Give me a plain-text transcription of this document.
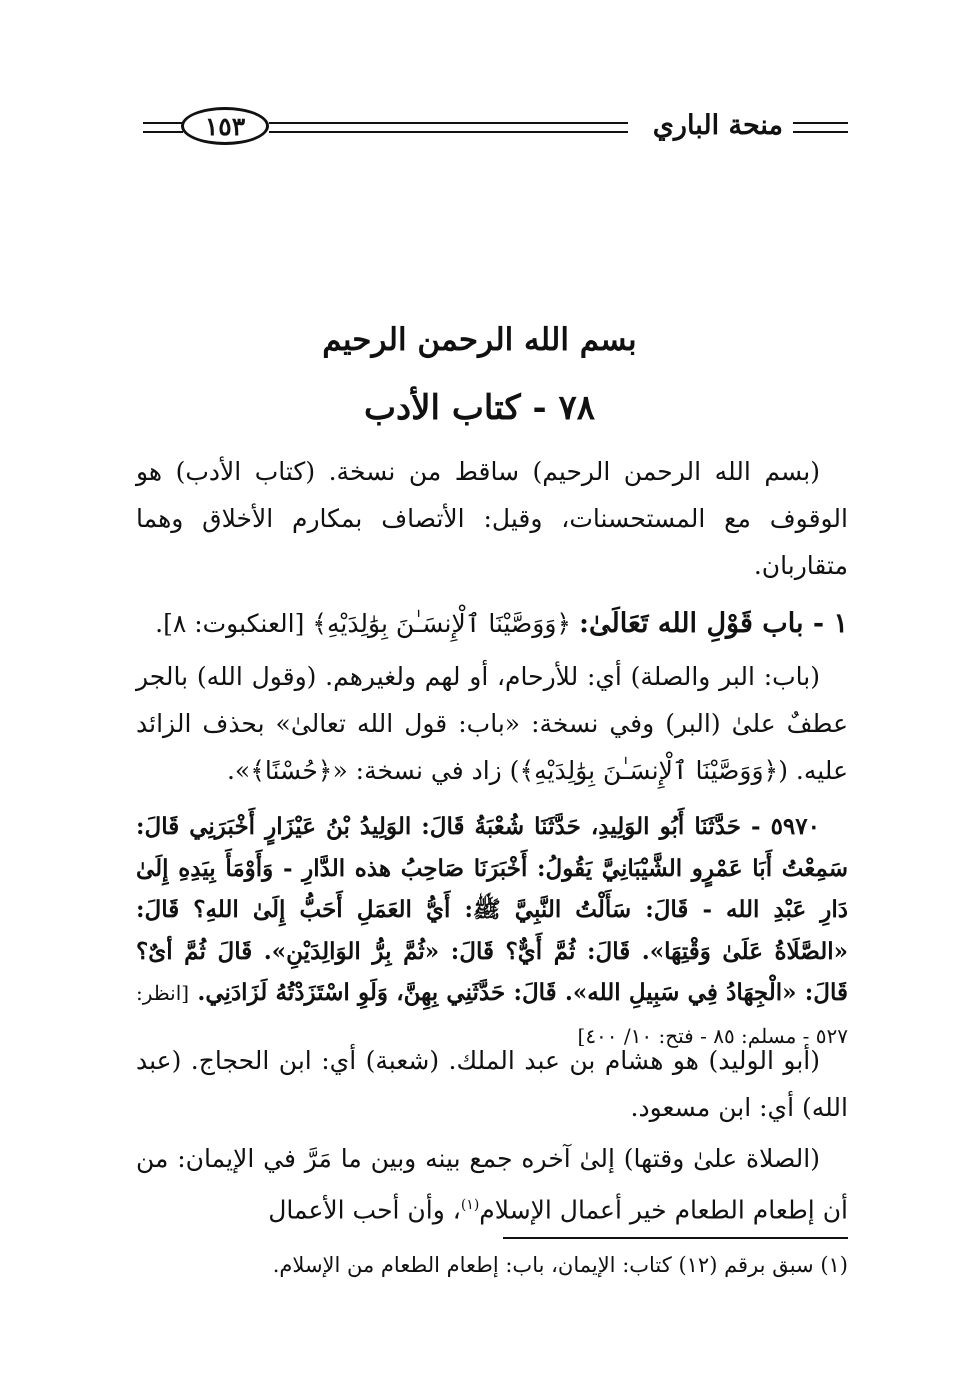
منحة الباري
١٥٣
بسم الله الرحمن الرحيم
٧٨ - كتاب الأدب

(بسم الله الرحمن الرحيم) ساقط من نسخة. (كتاب الأدب) هو الوقوف مع المستحسنات، وقيل: الأتصاف بمكارم الأخلاق وهما متقاربان.

١ - باب قَوْلِ الله تَعَالَىٰ: ﴿وَوَصَّيْنَا ٱلْإِنسَـٰنَ بِوَٰلِدَيْهِ﴾ [العنكبوت: ٨].

(باب: البر والصلة) أي: للأرحام، أو لهم ولغيرهم. (وقول الله) بالجر عطفٌ علىٰ (البر) وفي نسخة: «باب: قول الله تعالىٰ» بحذف الزائد عليه. (﴿وَوَصَّيْنَا ٱلْإِنسَـٰنَ بِوَٰلِدَيْهِ﴾) زاد في نسخة: «﴿حُسْنًا﴾».

٥٩٧٠ - حَدَّثَنَا أَبُو الوَلِيدِ، حَدَّثَنَا شُعْبَةُ قَالَ: الوَلِيدُ بْنُ عَيْزَارٍ أَخْبَرَنِي قَالَ: سَمِعْتُ أَبَا عَمْرٍو الشَّيْبَانِيَّ يَقُولُ: أَخْبَرَنَا صَاحِبُ هذه الدَّارِ - وَأَوْمَأَ بِيَدِهِ إِلَىٰ دَارِ عَبْدِ الله - قَالَ: سَأَلْتُ النَّبِيَّ ﷺ: أَيُّ العَمَلِ أَحَبُّ إِلَىٰ اللهِ؟ قَالَ: «الصَّلَاةُ عَلَىٰ وَقْتِهَا». قَالَ: ثُمَّ أَيٌّ؟ قَالَ: «ثُمَّ بِرُّ الوَالِدَيْنِ». قَالَ ثُمَّ أىٌ؟ قَالَ: «الْجِهَادُ فِي سَبِيلِ الله». قَالَ: حَدَّثَنِي بِهِنَّ، وَلَوِ اسْتَزَدْتُهُ لَزَادَنِي. [انظر: ٥٢٧ - مسلم: ٨٥ - فتح: ١٠/ ٤٠٠]

(أبو الوليد) هو هشام بن عبد الملك. (شعبة) أي: ابن الحجاج. (عبد الله) أي: ابن مسعود.

(الصلاة علىٰ وقتها) إلىٰ آخره جمع بينه وبين ما مَرَّ في الإيمان: من أن إطعام الطعام خير أعمال الإسلام$^{(١)}$، وأن أحب الأعمال

(١) سبق برقم (١٢) كتاب: الإيمان، باب: إطعام الطعام من الإسلام.
